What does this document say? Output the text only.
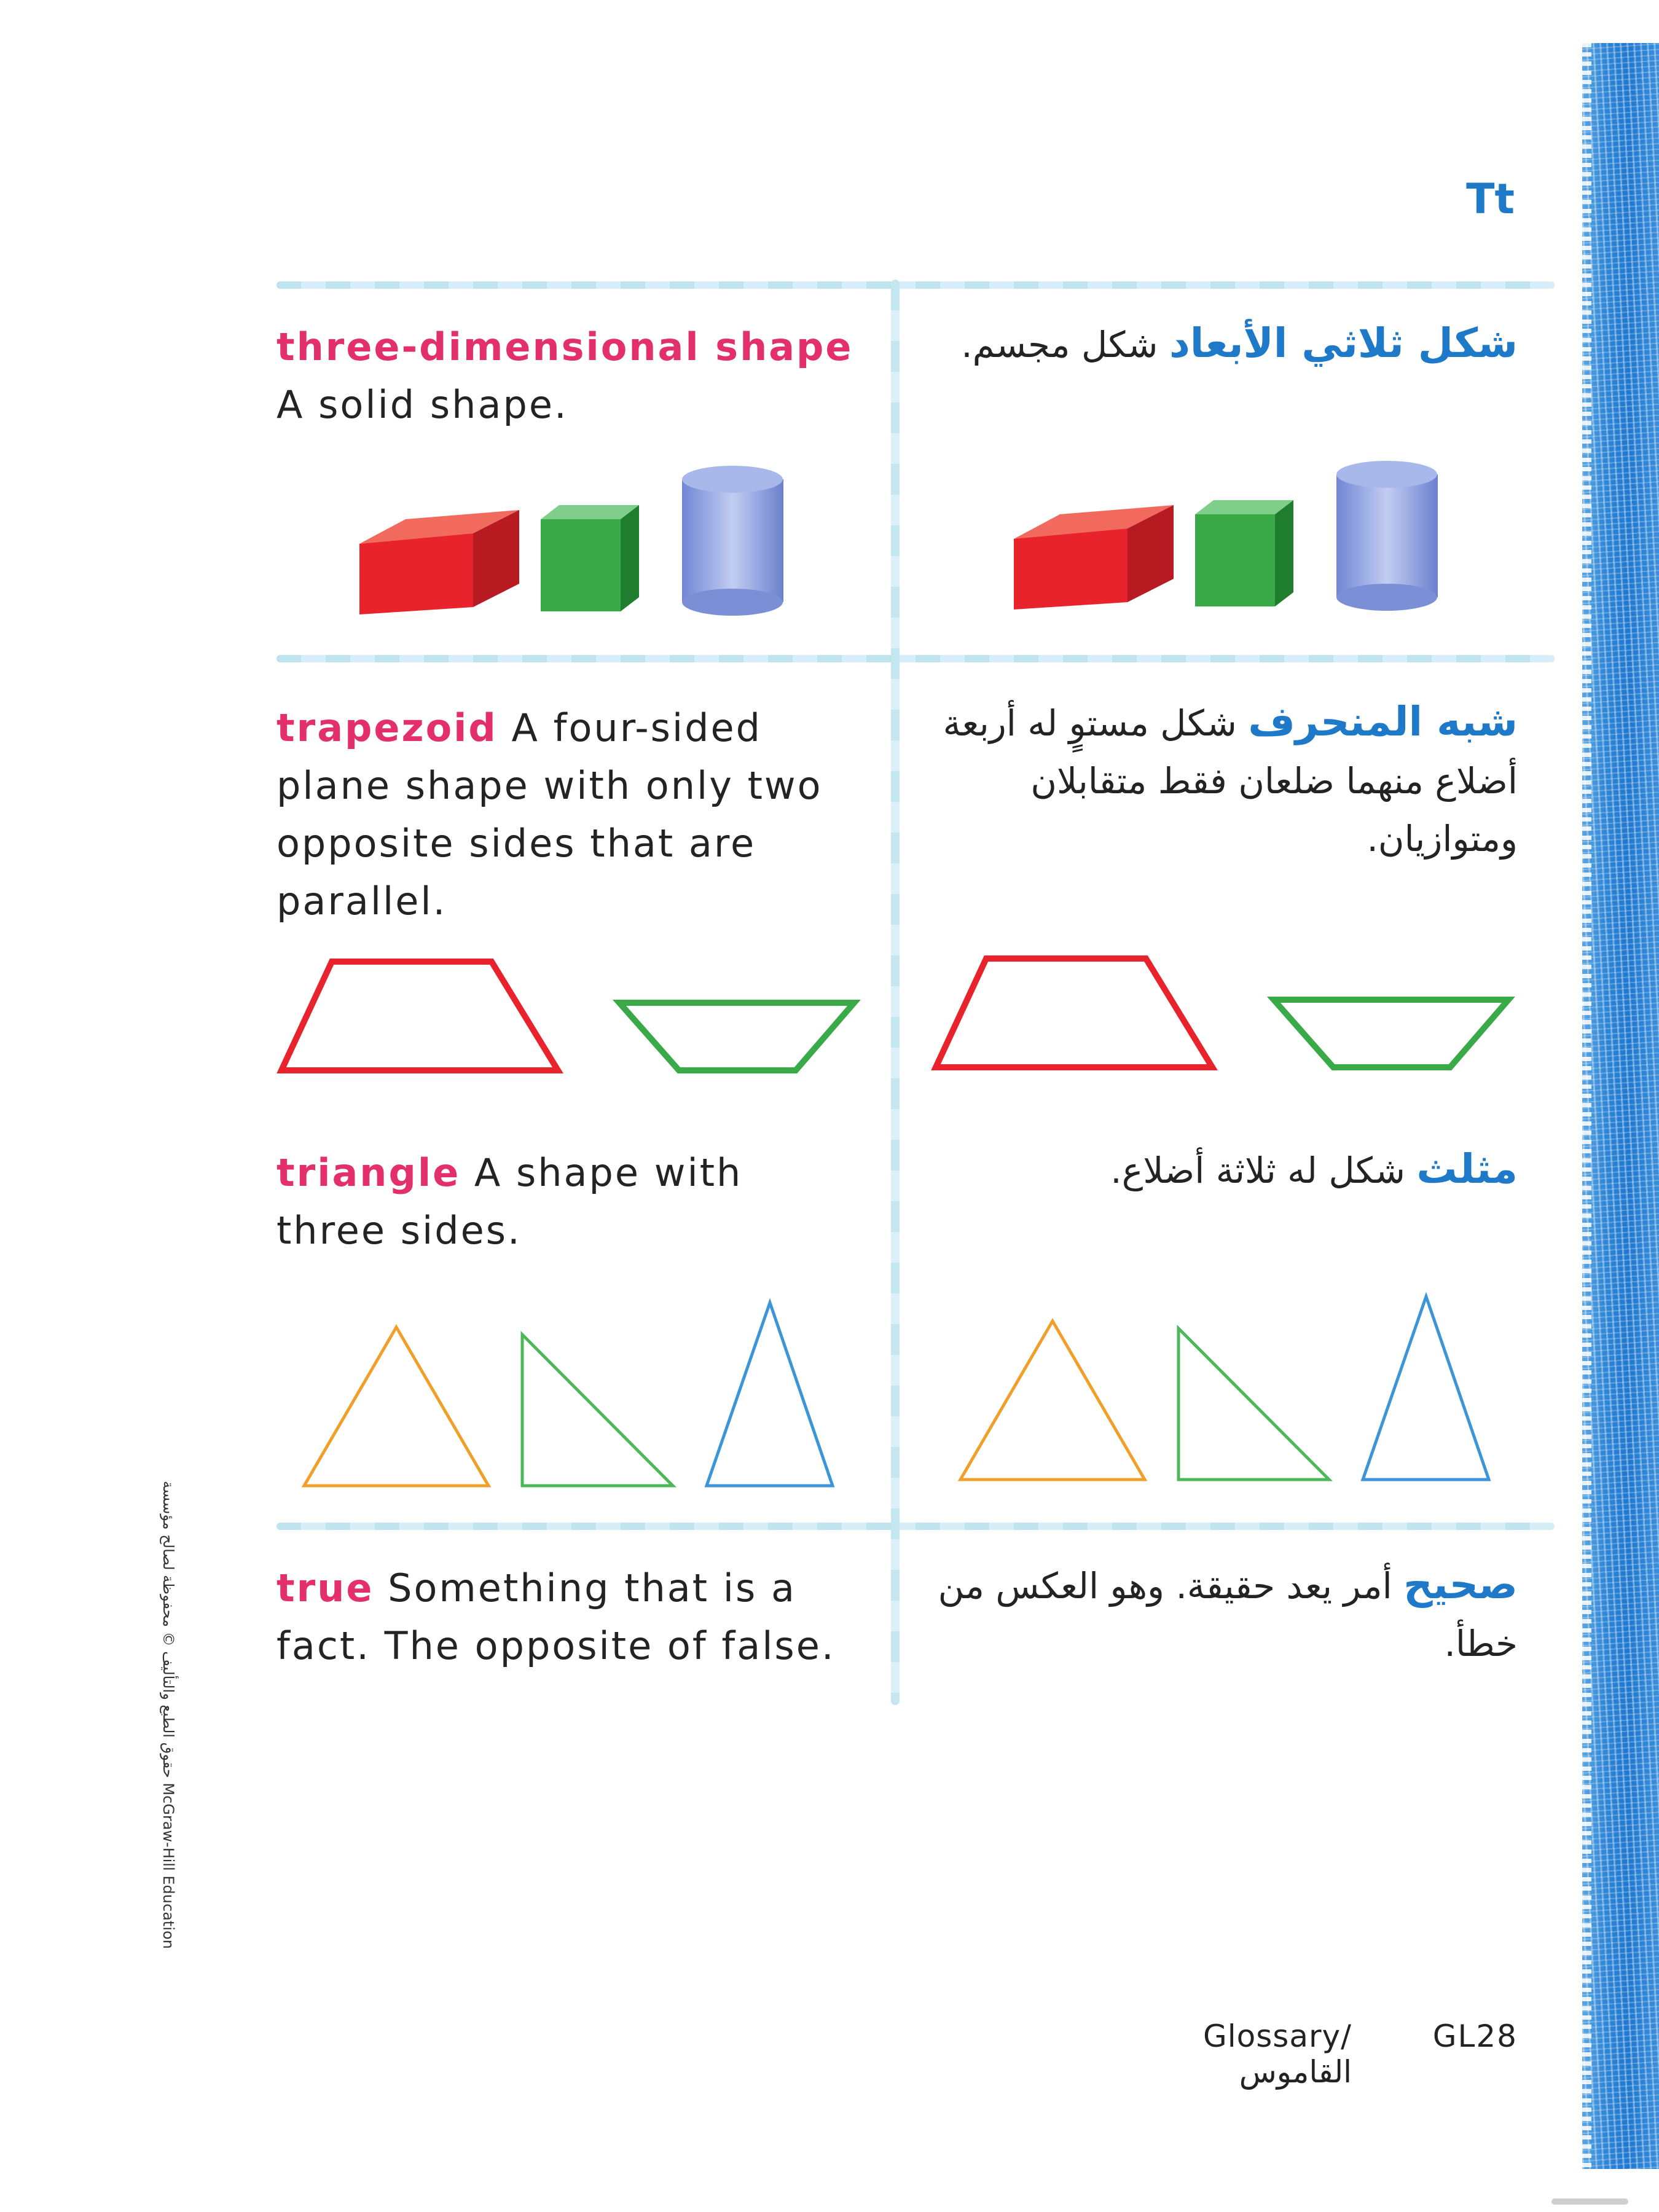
Tt
three-dimensional shape
A solid shape.
شكل ثلاثي الأبعاد شكل مجسم.
trapezoid A four-sided plane shape with only two opposite sides that are parallel.
شبه المنحرف شكل مستوٍ له أربعة أضلاع منهما ضلعان فقط متقابلان ومتوازيان.
triangle A shape with three sides.
مثلث شكل له ثلاثة أضلاع.
true Something that is a fact. The opposite of false.
صحيح أمر يعد حقيقة. وهو العكس من خطأ.
حقوق الطبع والتأليف © محفوظة لصالح مؤسسة McGraw-Hill Education
Glossary/القاموس
GL28
